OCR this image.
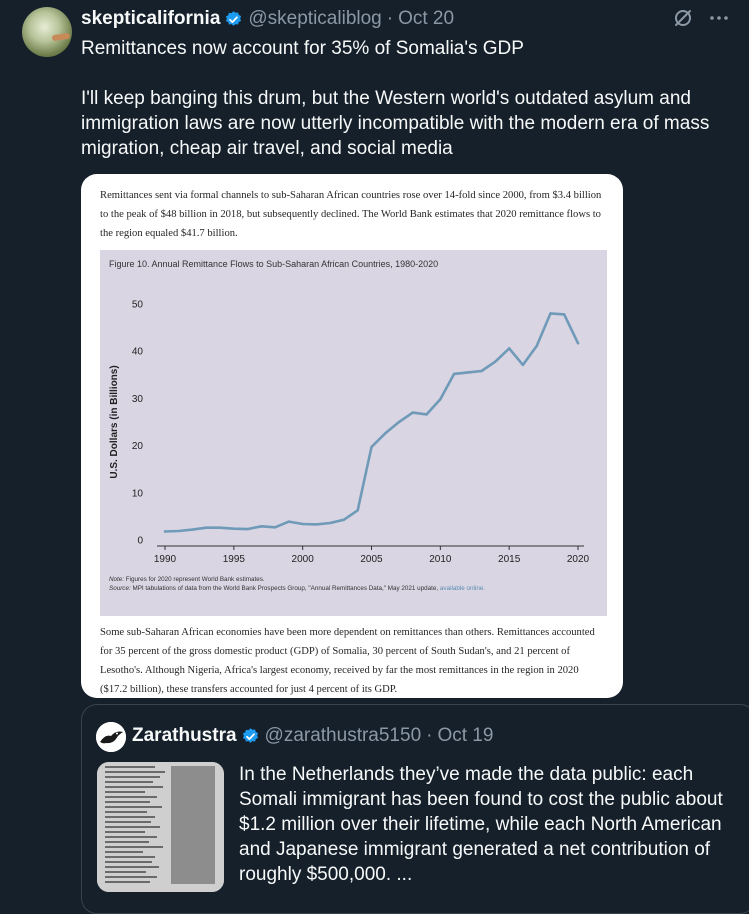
skepticalifornia @skepticaliblog · Oct 20
Remittances now account for 35% of Somalia's GDP

I'll keep banging this drum, but the Western world's outdated asylum and immigration laws are now utterly incompatible with the modern era of mass migration, cheap air travel, and social media
Remittances sent via formal channels to sub-Saharan African countries rose over 14-fold since 2000, from $3.4 billion to the peak of $48 billion in 2018, but subsequently declined. The World Bank estimates that 2020 remittance flows to the region equaled $41.7 billion.
1990	1995	2000	2005	2010	2015	2020
0
10
20
30
40
50
U.S. Dollars (in Billions)
Figure 10. Annual Remittance Flows to Sub-Saharan African Countries, 1980-2020
Note: Figures for 2020 represent World Bank estimates.
Source: MPI tabulations of data from the World Bank Prospects Group, "Annual Remittances Data," May 2021 update, available online.
Some sub-Saharan African economies have been more dependent on remittances than others. Remittances accounted for 35 percent of the gross domestic product (GDP) of Somalia, 30 percent of South Sudan's, and 21 percent of Lesotho's. Although Nigeria, Africa's largest economy, received by far the most remittances in the region in 2020 ($17.2 billion), these transfers accounted for just 4 percent of its GDP.
Zarathustra @zarathustra5150 · Oct 19
In the Netherlands they’ve made the data public: each Somali immigrant has been found to cost the public about $1.2 million over their lifetime, while each North American and Japanese immigrant generated a net contribution of roughly $500,000. ...
